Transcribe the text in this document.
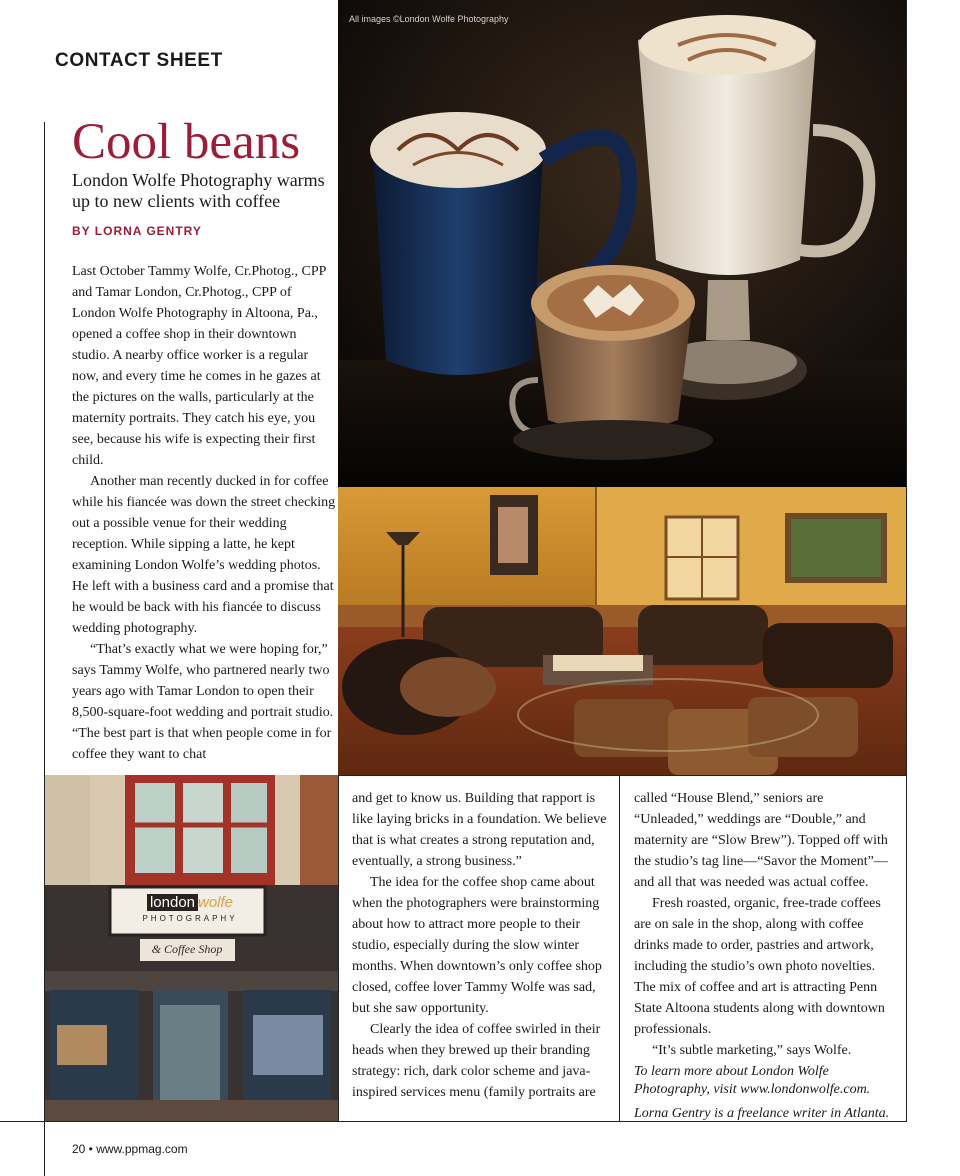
CONTACT SHEET
Cool beans
London Wolfe Photography warms up to new clients with coffee
BY LORNA GENTRY

Last October Tammy Wolfe, Cr.Photog., CPP and Tamar London, Cr.Photog., CPP of London Wolfe Photography in Altoona, Pa., opened a coffee shop in their downtown studio. A nearby office worker is a regular now, and every time he comes in he gazes at the pictures on the walls, particularly at the maternity portraits. They catch his eye, you see, because his wife is expecting their first child.

Another man recently ducked in for coffee while his fiancée was down the street checking out a possible venue for their wedding reception. While sipping a latte, he kept examining London Wolfe’s wedding photos. He left with a business card and a promise that he would be back with his fiancée to discuss wedding photography.

“That’s exactly what we were hoping for,” says Tammy Wolfe, who partnered nearly two years ago with Tamar London to open their 8,500-square-foot wedding and portrait studio. “The best part is that when people come in for coffee they want to chat

All images ©London Wolfe Photography
london wolfe
PHOTOGRAPHY
& Coffee Shop

and get to know us. Building that rapport is like laying bricks in a foundation. We believe that is what creates a strong reputation and, eventually, a strong business.”

The idea for the coffee shop came about when the photographers were brainstorming about how to attract more people to their studio, especially during the slow winter months. When downtown’s only coffee shop closed, coffee lover Tammy Wolfe was sad, but she saw opportunity.

Clearly the idea of coffee swirled in their heads when they brewed up their branding strategy: rich, dark color scheme and java-inspired services menu (family portraits are

called “House Blend,” seniors are “Unleaded,” weddings are “Double,” and maternity are “Slow Brew”). Topped off with the studio’s tag line—“Savor the Moment”—and all that was needed was actual coffee.

Fresh roasted, organic, free-trade coffees are on sale in the shop, along with coffee drinks made to order, pastries and artwork, including the studio’s own photo novelties. The mix of coffee and art is attracting Penn State Altoona students along with downtown professionals.

“It’s subtle marketing,” says Wolfe.

To learn more about London Wolfe Photography, visit www.londonwolfe.com.

Lorna Gentry is a freelance writer in Atlanta.

20 • www.ppmag.com
